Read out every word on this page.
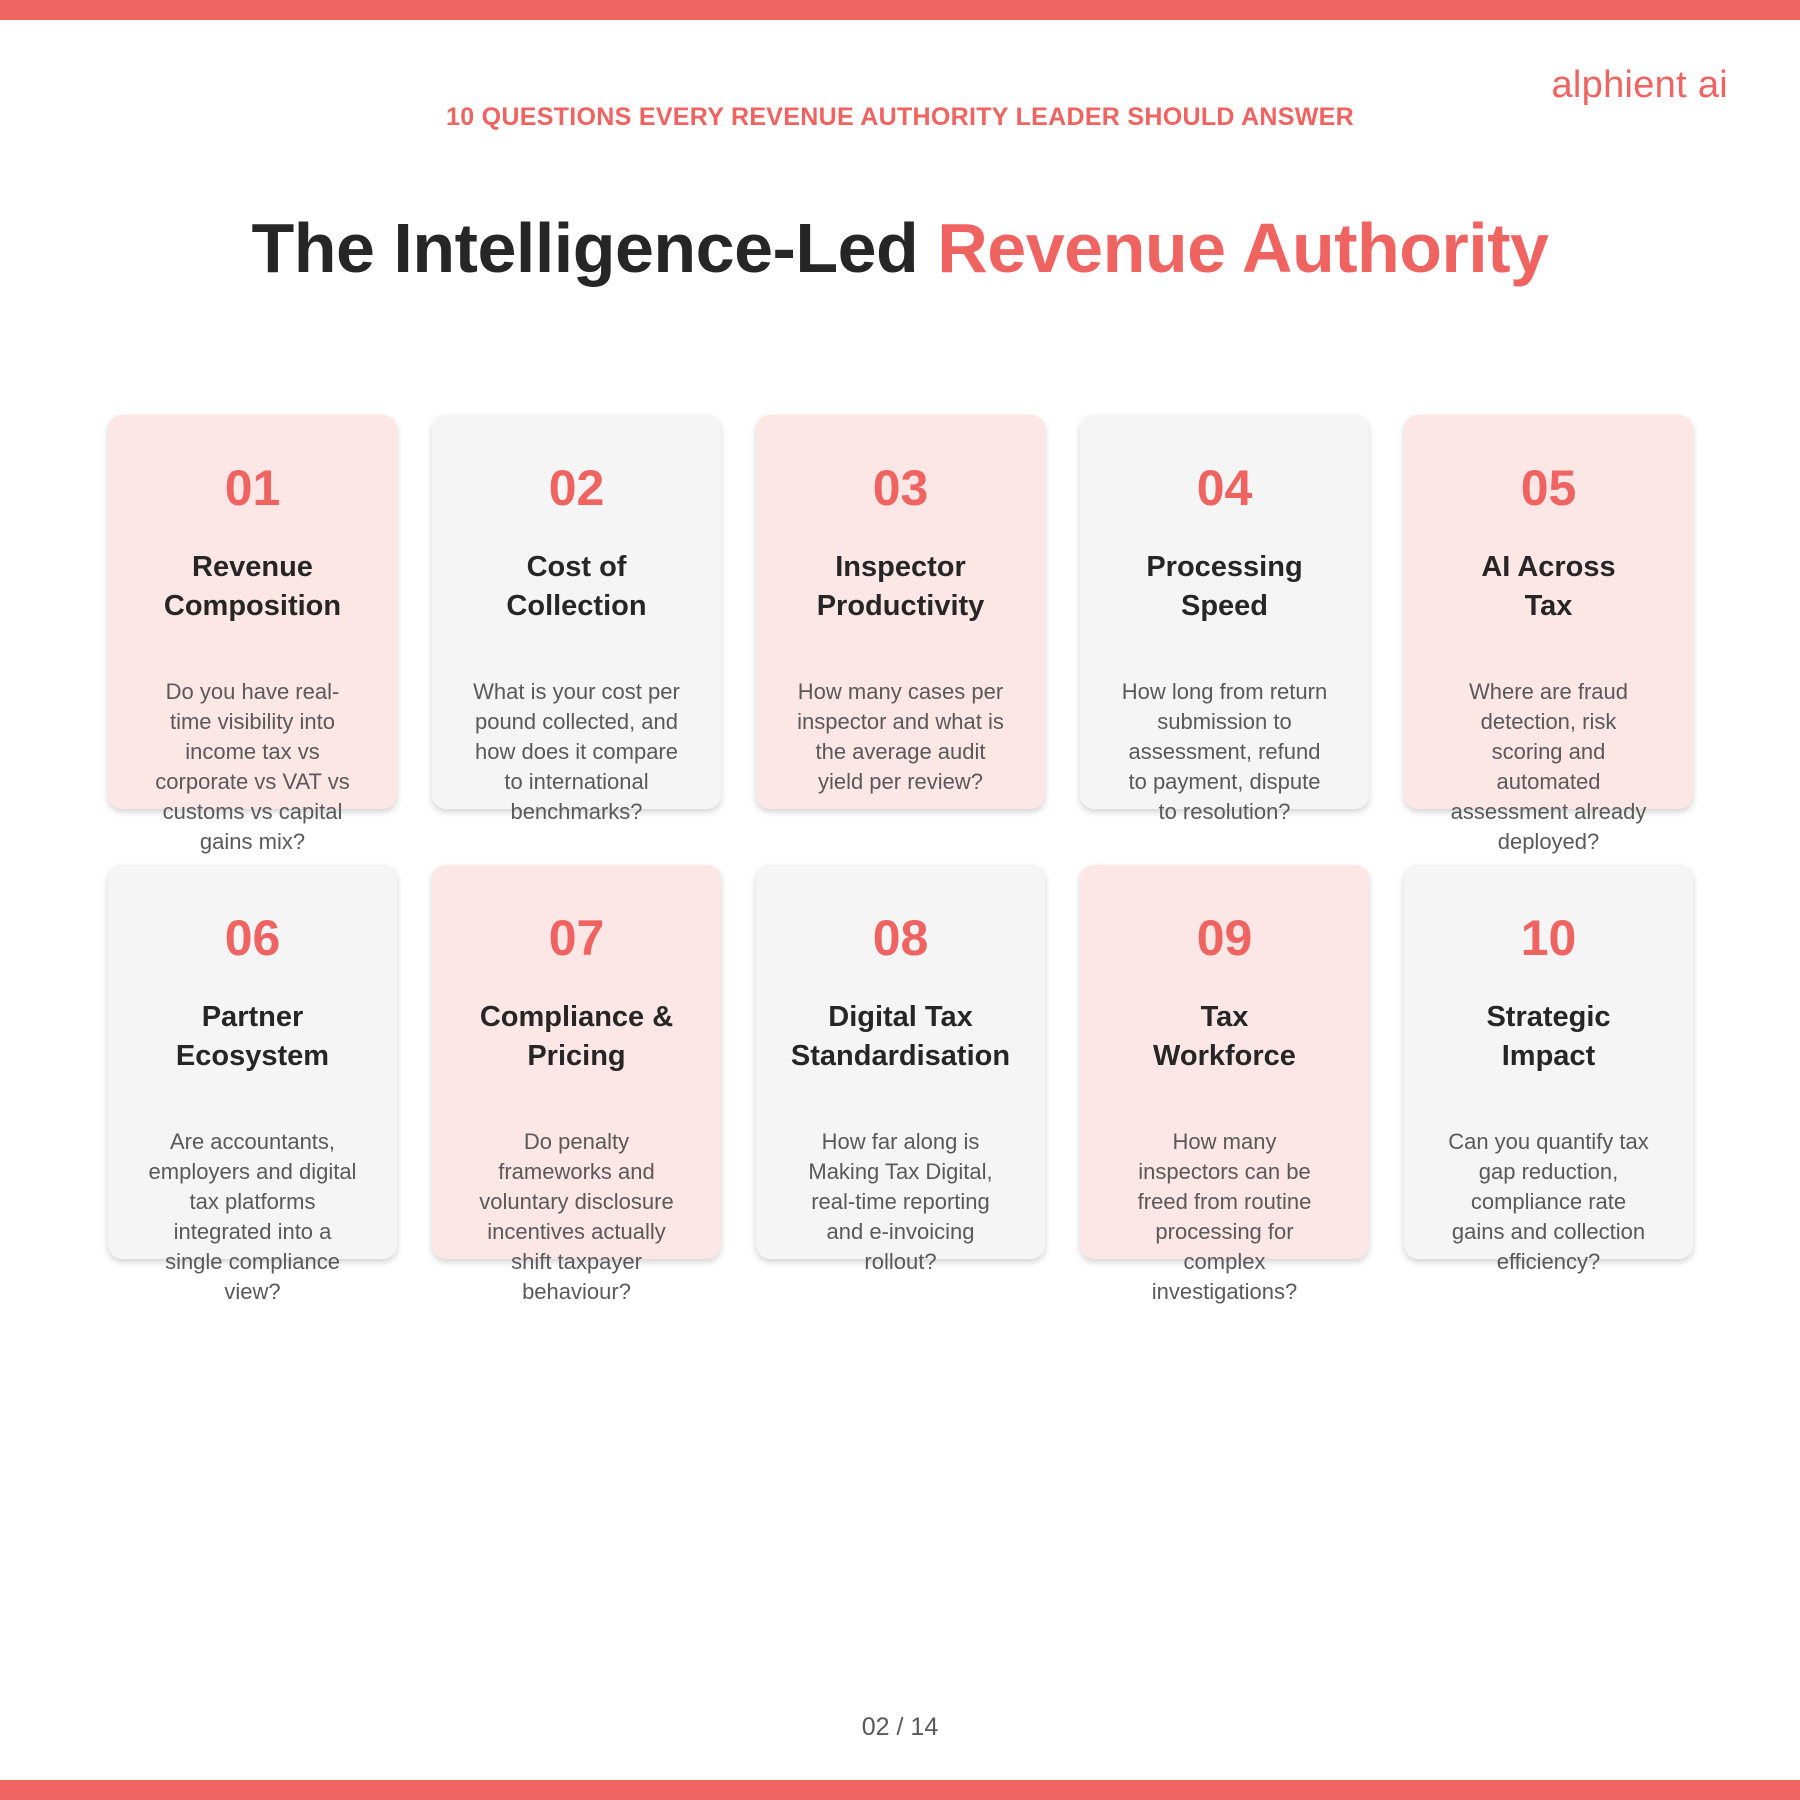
alphient ai
10 QUESTIONS EVERY REVENUE AUTHORITY LEADER SHOULD ANSWER
The Intelligence-Led Revenue Authority
01
Revenue
Composition
Do you have real-time visibility into income tax vs corporate vs VAT vs customs vs capital gains mix?
02
Cost of
Collection
What is your cost per pound collected, and how does it compare to international benchmarks?
03
Inspector
Productivity
How many cases per inspector and what is the average audit yield per review?
04
Processing
Speed
How long from return submission to assessment, refund to payment, dispute to resolution?
05
AI Across
Tax
Where are fraud detection, risk scoring and automated assessment already deployed?
06
Partner
Ecosystem
Are accountants, employers and digital tax platforms integrated into a single compliance view?
07
Compliance &
Pricing
Do penalty frameworks and voluntary disclosure incentives actually shift taxpayer behaviour?
08
Digital Tax
Standardisation
How far along is Making Tax Digital, real-time reporting and e-invoicing rollout?
09
Tax
Workforce
How many inspectors can be freed from routine processing for complex investigations?
10
Strategic
Impact
Can you quantify tax gap reduction, compliance rate gains and collection efficiency?
02 / 14
